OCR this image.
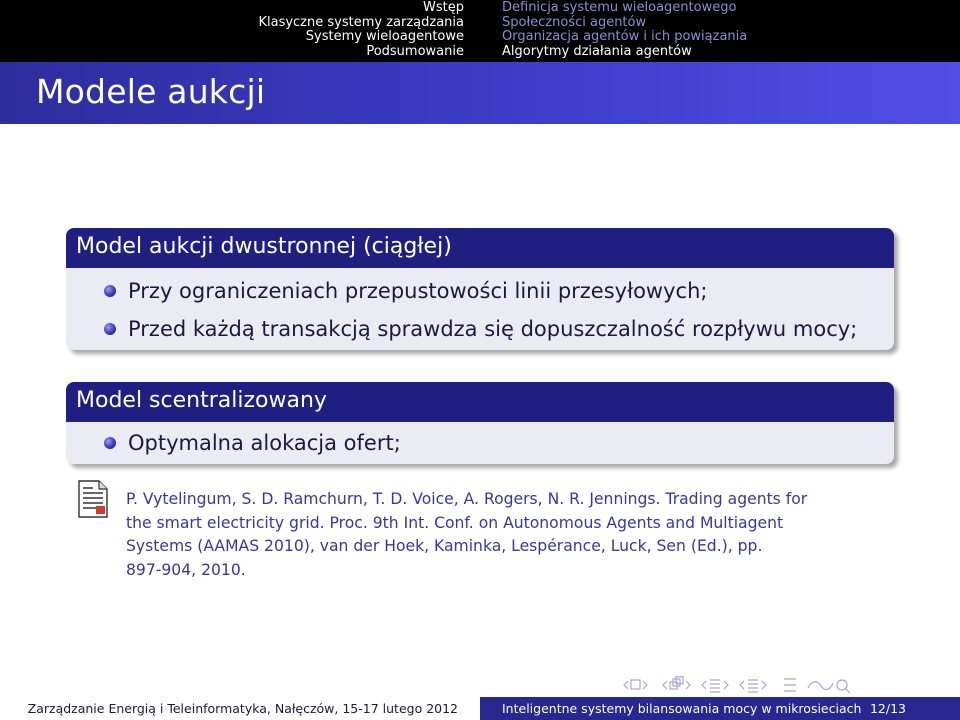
Wstęp
Klasyczne systemy zarządzania
Systemy wieloagentowe
Podsumowanie
Definicja systemu wieloagentowego
Społeczności agentów
Organizacja agentów i ich powiązania
Algorytmy działania agentów
Modele aukcji
Model aukcji dwustronnej (ciągłej)
Przy ograniczeniach przepustowości linii przesyłowych;
Przed każdą transakcją sprawdza się dopuszczalność rozpływu mocy;
Model scentralizowany
Optymalna alokacja ofert;
P. Vytelingum, S. D. Ramchurn, T. D. Voice, A. Rogers, N. R. Jennings. Trading agents for
the smart electricity grid. Proc. 9th Int. Conf. on Autonomous Agents and Multiagent
Systems (AAMAS 2010), van der Hoek, Kaminka, Lespérance, Luck, Sen (Ed.), pp.
897-904, 2010.
Zarządzanie Energią i Teleinformatyka, Nałęczów, 15-17 lutego 2012	Inteligentne systemy bilansowania mocy w mikrosieciach 12/13
